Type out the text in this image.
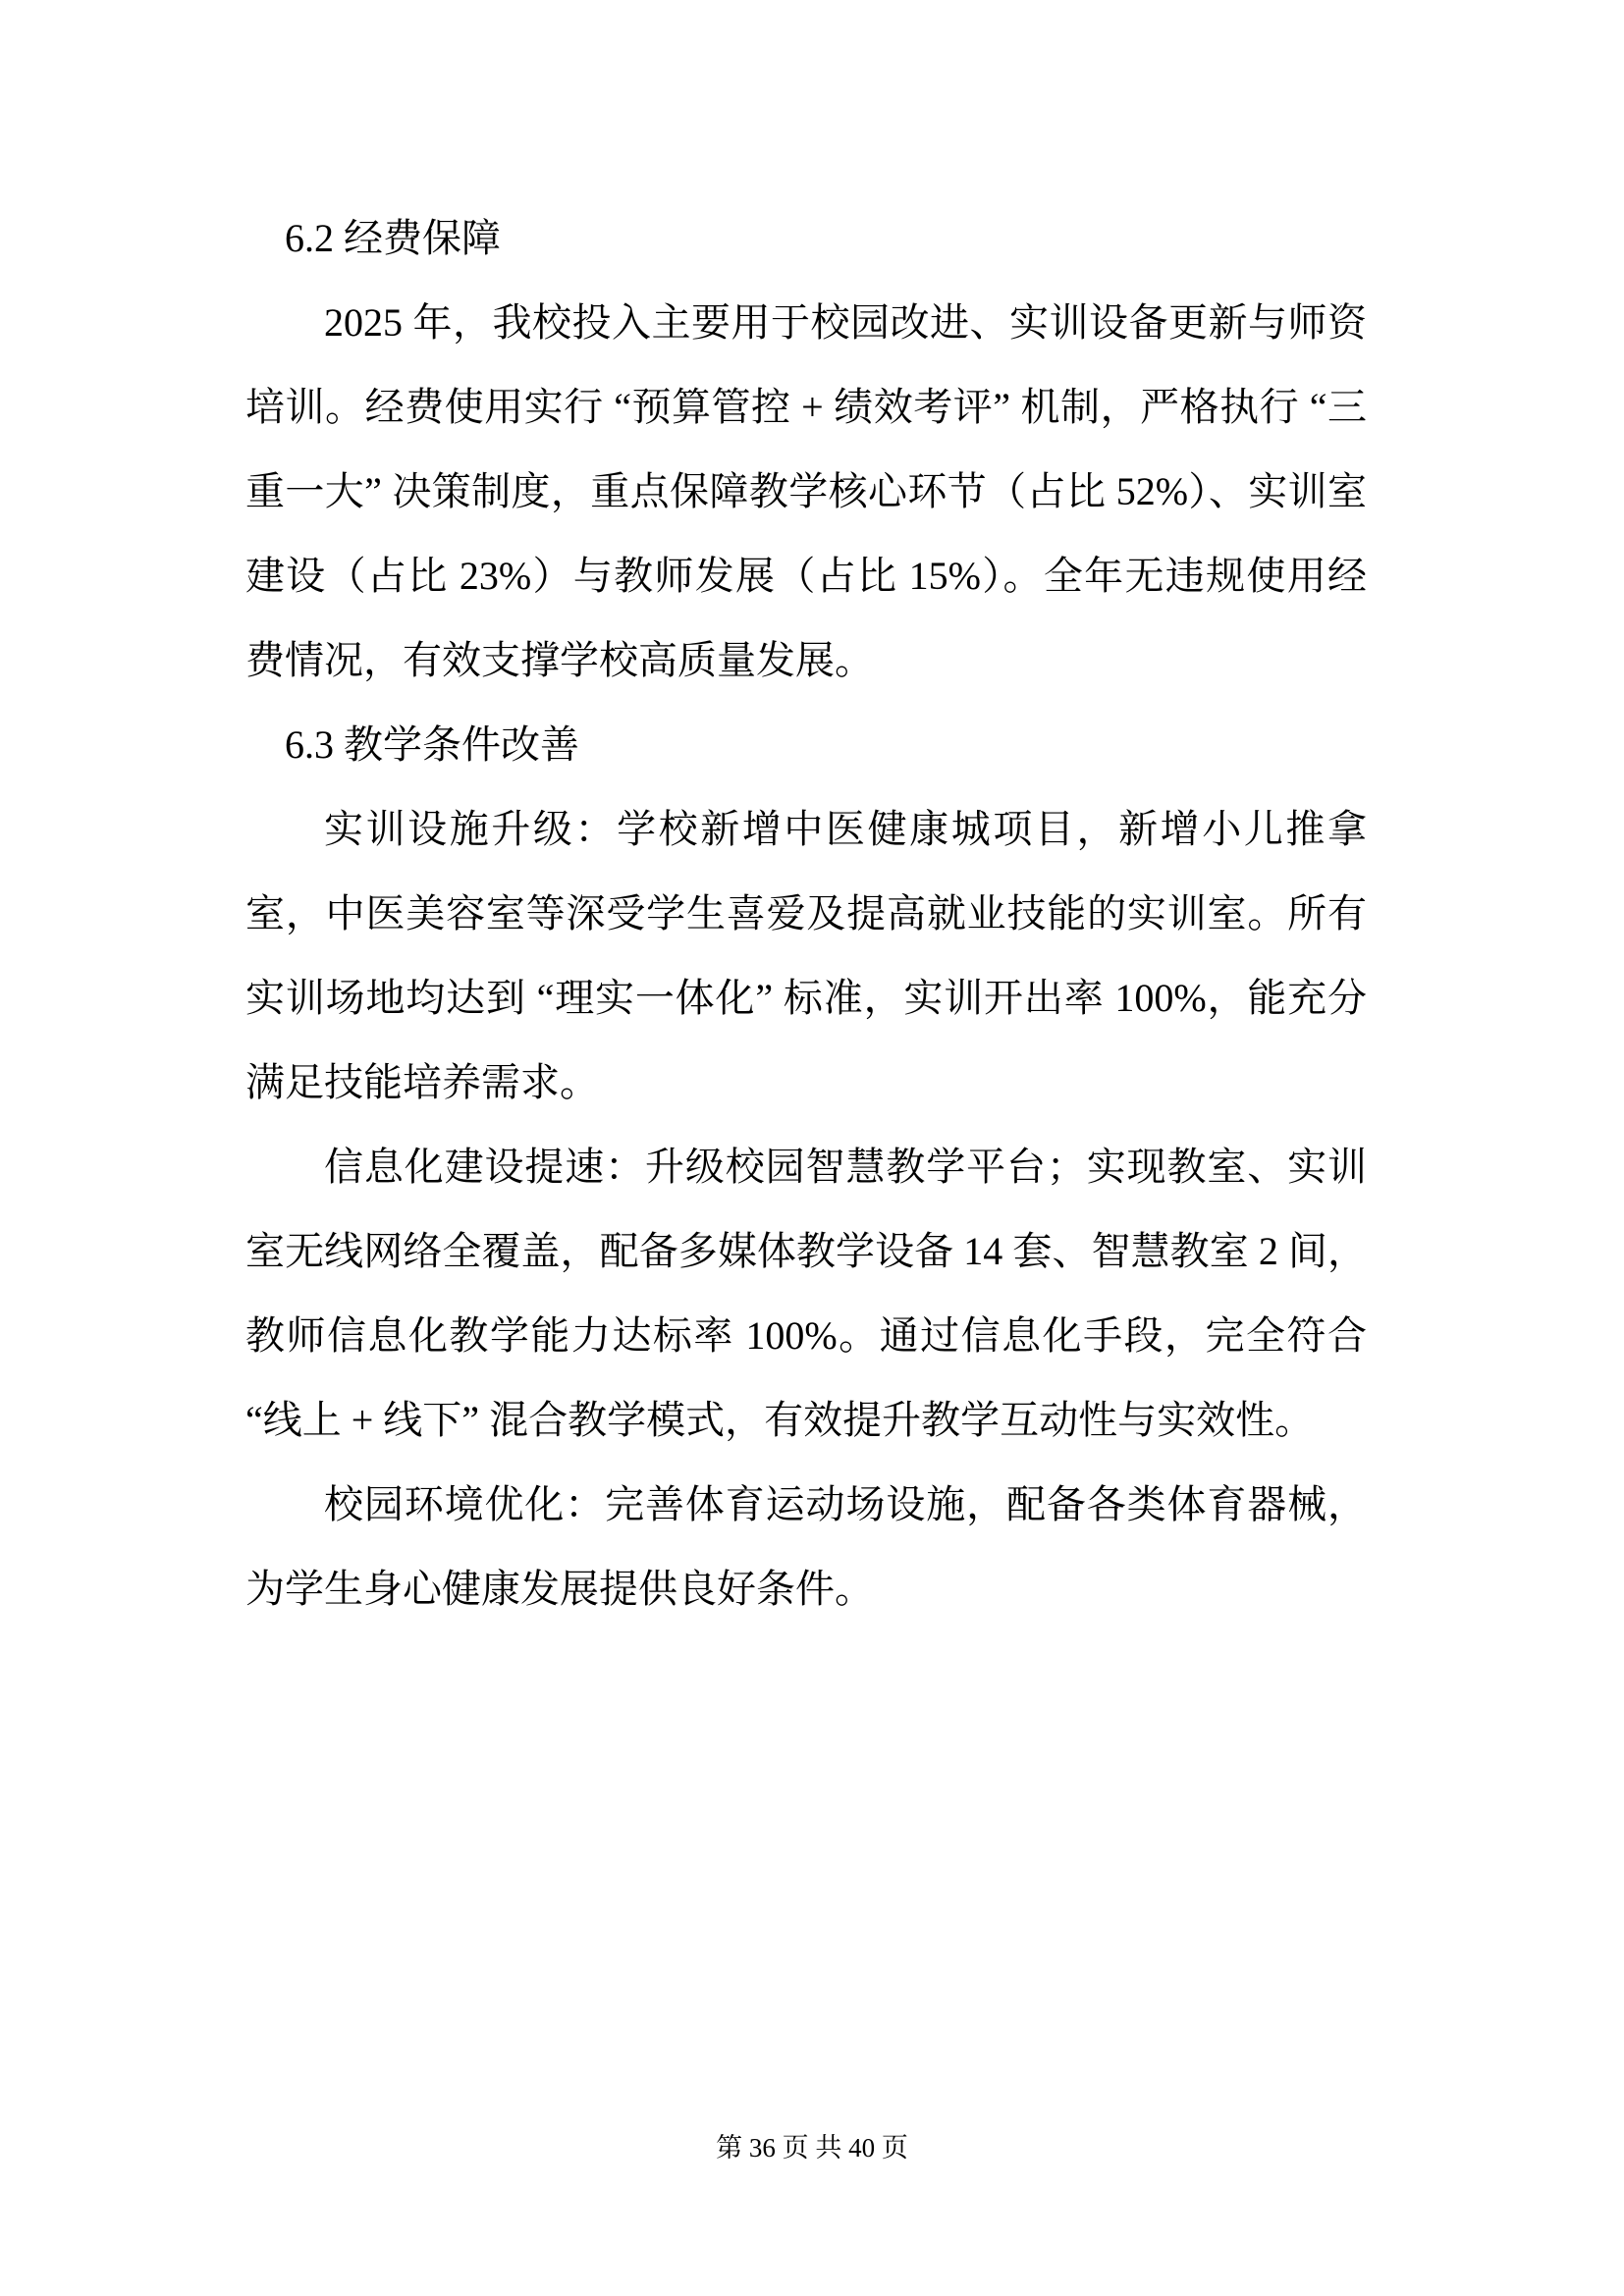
6.2 经费保障

2025 年，我校投入主要用于校园改进、实训设备更新与师资培训。经费使用实行 “预算管控 + 绩效考评” 机制，严格执行 “三重一大” 决策制度，重点保障教学核心环节（占比 52%）、实训室建设（占比 23%）与教师发展（占比 15%）。全年无违规使用经费情况，有效支撑学校高质量发展。

6.3 教学条件改善

实训设施升级：学校新增中医健康城项目，新增小儿推拿室，中医美容室等深受学生喜爱及提高就业技能的实训室。所有实训场地均达到 “理实一体化” 标准，实训开出率 100%，能充分满足技能培养需求。

信息化建设提速：升级校园智慧教学平台；实现教室、实训室无线网络全覆盖，配备多媒体教学设备 14 套、智慧教室 2 间，教师信息化教学能力达标率 100%。通过信息化手段，完全符合 “线上 + 线下” 混合教学模式，有效提升教学互动性与实效性。

校园环境优化：完善体育运动场设施，配备各类体育器械，为学生身心健康发展提供良好条件。

第 36 页 共 40 页
